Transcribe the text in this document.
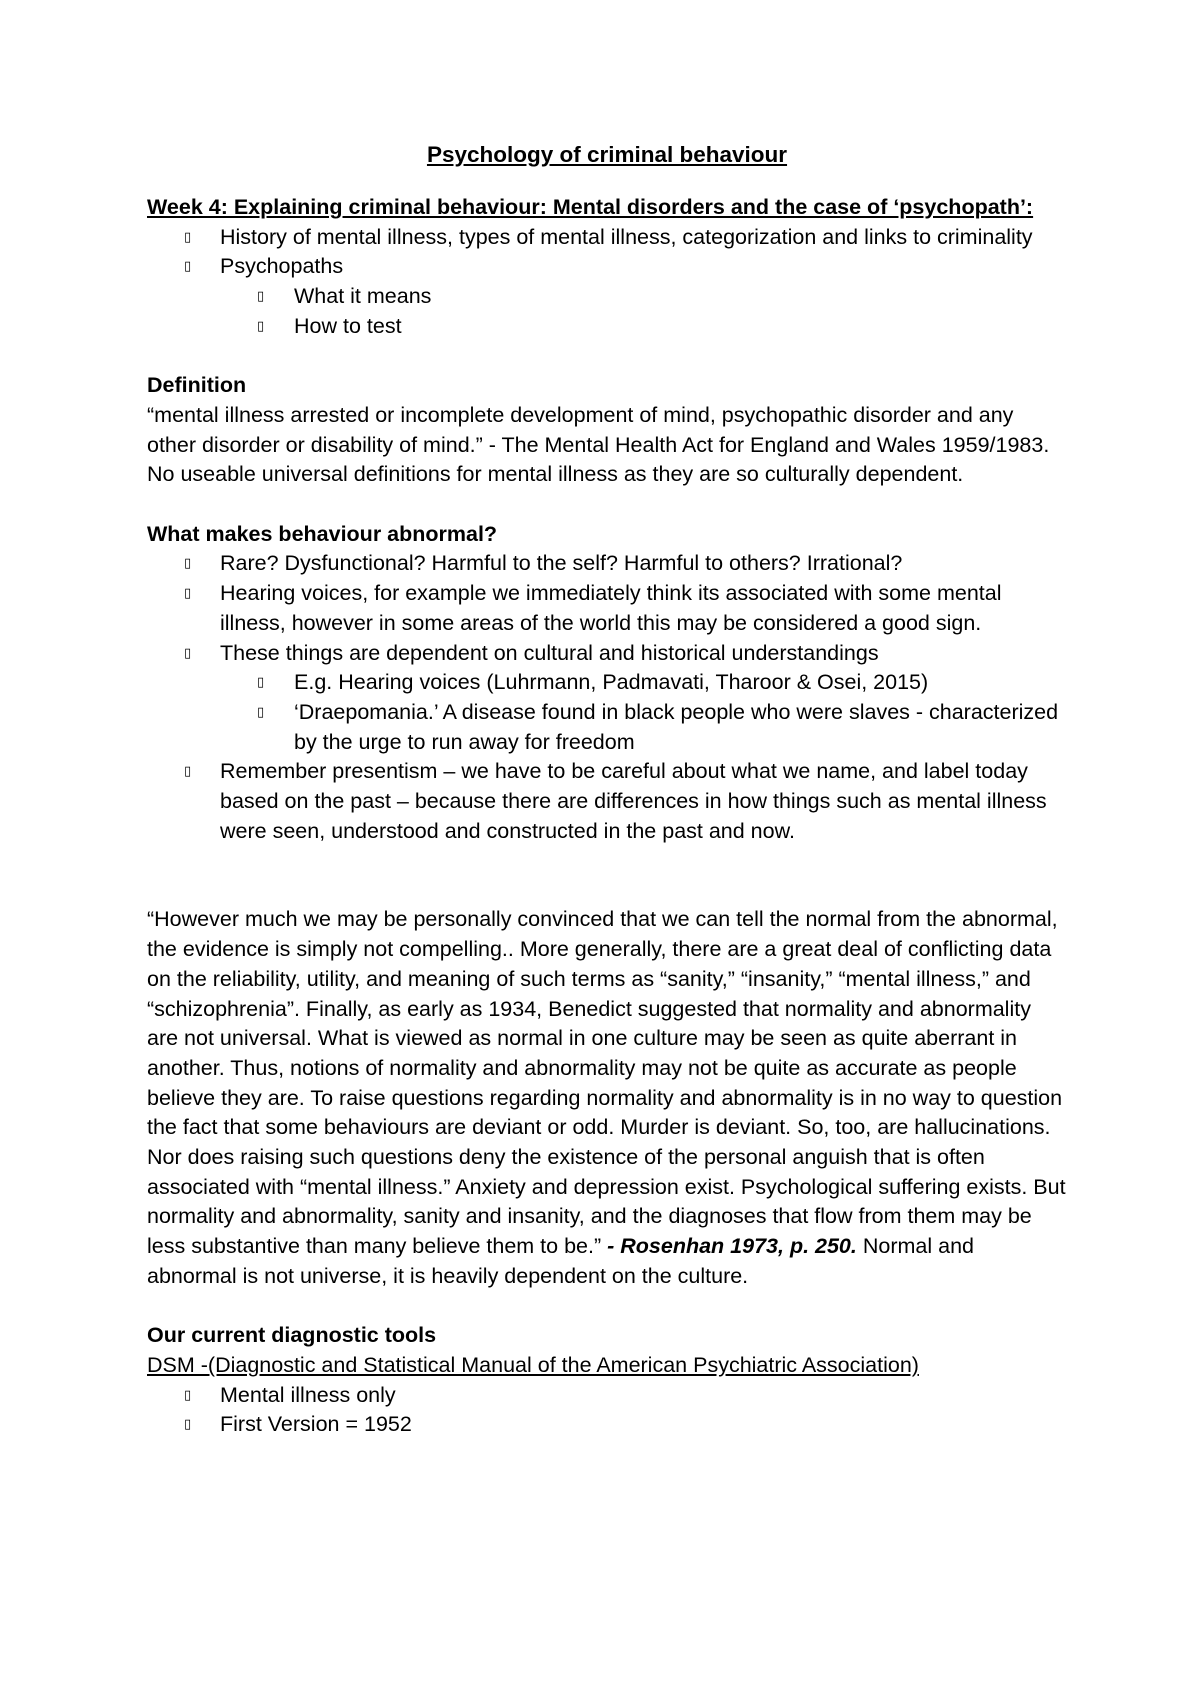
Psychology of criminal behaviour
Week 4: Explaining criminal behaviour: Mental disorders and the case of ‘psychopath’:
▯ History of mental illness, types of mental illness, categorization and links to criminality
▯ Psychopaths
▯ What it means
▯ How to test
Definition

“mental illness arrested or incomplete development of mind, psychopathic disorder and any other disorder or disability of mind.” - The Mental Health Act for England and Wales 1959/1983. No useable universal definitions for mental illness as they are so culturally dependent.

What makes behaviour abnormal?
▯ Rare? Dysfunctional? Harmful to the self? Harmful to others? Irrational?
▯ Hearing voices, for example we immediately think its associated with some mental illness, however in some areas of the world this may be considered a good sign.
▯ These things are dependent on cultural and historical understandings
▯ E.g. Hearing voices (Luhrmann, Padmavati, Tharoor & Osei, 2015)
▯ ‘Draepomania.’ A disease found in black people who were slaves - characterized by the urge to run away for freedom
▯ Remember presentism – we have to be careful about what we name, and label today based on the past – because there are differences in how things such as mental illness were seen, understood and constructed in the past and now.

“However much we may be personally convinced that we can tell the normal from the abnormal, the evidence is simply not compelling.. More generally, there are a great deal of conflicting data on the reliability, utility, and meaning of such terms as “sanity,” “insanity,” “mental illness,” and “schizophrenia”. Finally, as early as 1934, Benedict suggested that normality and abnormality are not universal. What is viewed as normal in one culture may be seen as quite aberrant in another. Thus, notions of normality and abnormality may not be quite as accurate as people believe they are. To raise questions regarding normality and abnormality is in no way to question the fact that some behaviours are deviant or odd. Murder is deviant. So, too, are hallucinations. Nor does raising such questions deny the existence of the personal anguish that is often associated with “mental illness.” Anxiety and depression exist. Psychological suffering exists. But normality and abnormality, sanity and insanity, and the diagnoses that flow from them may be less substantive than many believe them to be.” - Rosenhan 1973, p. 250. Normal and abnormal is not universe, it is heavily dependent on the culture.

Our current diagnostic tools
DSM -(Diagnostic and Statistical Manual of the American Psychiatric Association)
▯ Mental illness only
▯ First Version = 1952
